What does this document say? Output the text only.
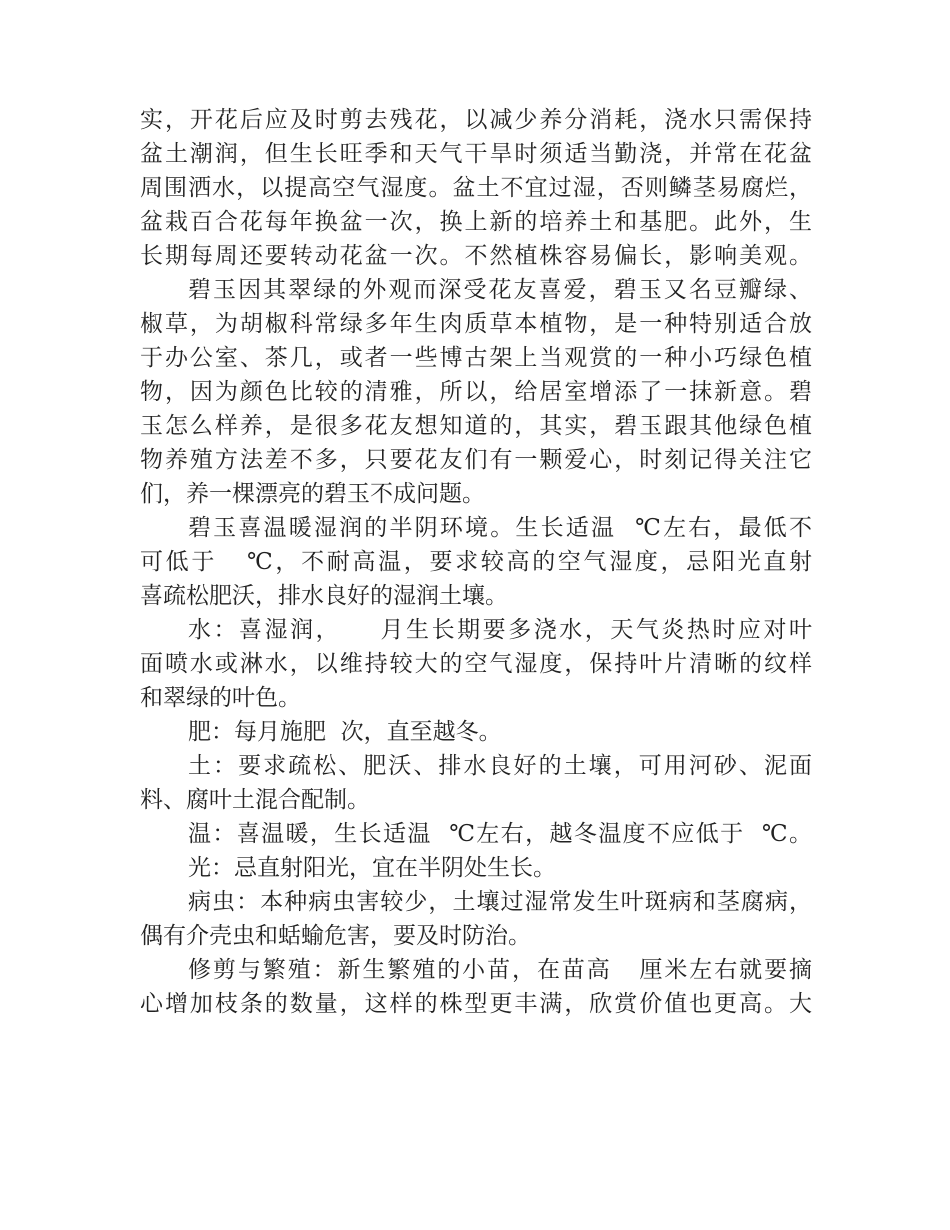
实，开花后应及时剪去残花，以减少养分消耗，浇水只需保持
盆土潮润，但生长旺季和天气干旱时须适当勤浇，并常在花盆
周围洒水，以提高空气湿度。盆土不宜过湿，否则鳞茎易腐烂，
盆栽百合花每年换盆一次，换上新的培养土和基肥。此外，生
长期每周还要转动花盆一次。不然植株容易偏长，影响美观。
碧玉因其翠绿的外观而深受花友喜爱，碧玉又名豆瓣绿、
椒草，为胡椒科常绿多年生肉质草本植物，是一种特别适合放
于办公室、茶几，或者一些博古架上当观赏的一种小巧绿色植
物，因为颜色比较的清雅，所以，给居室增添了一抹新意。碧
玉怎么样养，是很多花友想知道的，其实，碧玉跟其他绿色植
物养殖方法差不多，只要花友们有一颗爱心，时刻记得关注它
们，养一棵漂亮的碧玉不成问题。
碧玉喜温暖湿润的半阴环境。生长适温  ℃左右，最低不
可低于   ℃，不耐高温，要求较高的空气湿度，忌阳光直射
喜疏松肥沃，排水良好的湿润土壤。
水：喜湿润，    月生长期要多浇水，天气炎热时应对叶
面喷水或淋水，以维持较大的空气湿度，保持叶片清晰的纹样
和翠绿的叶色。
肥：每月施肥  次，直至越冬。
土：要求疏松、肥沃、排水良好的土壤，可用河砂、泥面
料、腐叶土混合配制。
温：喜温暖，生长适温  ℃左右，越冬温度不应低于  ℃。
光：忌直射阳光，宜在半阴处生长。
病虫：本种病虫害较少，土壤过湿常发生叶斑病和茎腐病，
偶有介壳虫和蛞蝓危害，要及时防治。
修剪与繁殖：新生繁殖的小苗，在苗高   厘米左右就要摘
心增加枝条的数量，这样的株型更丰满，欣赏价值也更高。大
